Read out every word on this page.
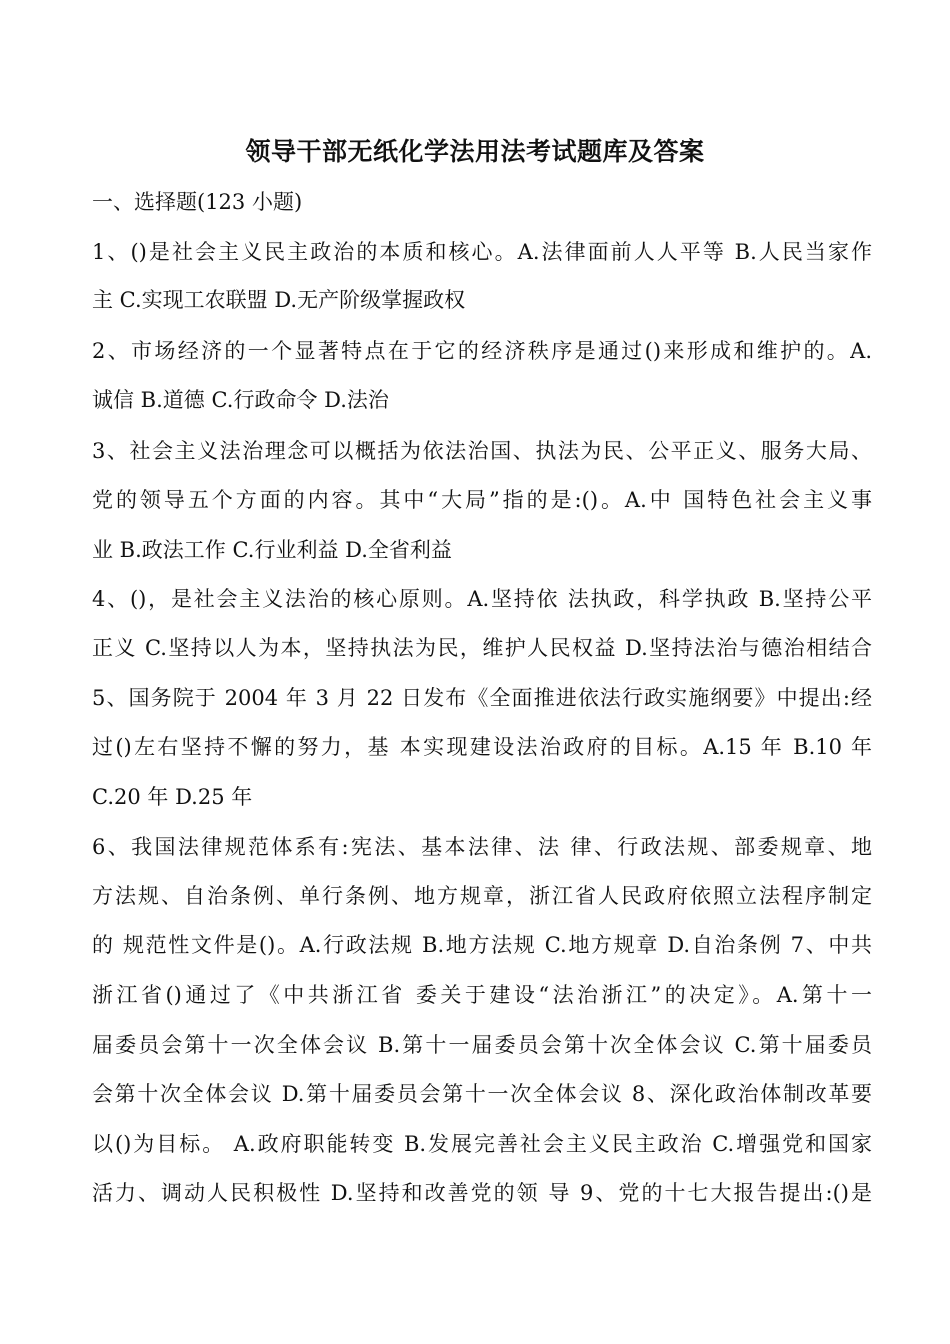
领导干部无纸化学法用法考试题库及答案
一、选择题(123 小题)
1、()是社会主义民主政治的本质和核心。A.法律面前人人平等 B.人民当家作
主 C.实现工农联盟 D.无产阶级掌握政权
2、市场经济的一个显著特点在于它的经济秩序是通过()来形成和维护的。A.
诚信 B.道德 C.行政命令 D.法治
3、社会主义法治理念可以概括为依法治国、执法为民、公平正义、服务大局、
党的领导五个方面的内容。其中“大局”指的是:()。A.中 国特色社会主义事
业 B.政法工作 C.行业利益 D.全省利益
4、()，是社会主义法治的核心原则。A.坚持依 法执政，科学执政 B.坚持公平
正义 C.坚持以人为本，坚持执法为民，维护人民权益 D.坚持法治与德治相结合
5、国务院于 2004 年 3 月 22 日发布《全面推进依法行政实施纲要》中提出:经
过()左右坚持不懈的努力，基 本实现建设法治政府的目标。A.15 年 B.10 年
C.20 年 D.25 年
6、我国法律规范体系有:宪法、基本法律、法 律、行政法规、部委规章、地
方法规、自治条例、单行条例、地方规章，浙江省人民政府依照立法程序制定
的 规范性文件是()。A.行政法规 B.地方法规 C.地方规章 D.自治条例 7、中共
浙江省()通过了《中共浙江省 委关于建设“法治浙江”的决定》。A.第十一
届委员会第十一次全体会议 B.第十一届委员会第十次全体会议 C.第十届委员
会第十次全体会议 D.第十届委员会第十一次全体会议 8、深化政治体制改革要
以()为目标。 A.政府职能转变 B.发展完善社会主义民主政治 C.增强党和国家
活力、调动人民积极性 D.坚持和改善党的领 导 9、党的十七大报告提出:()是
